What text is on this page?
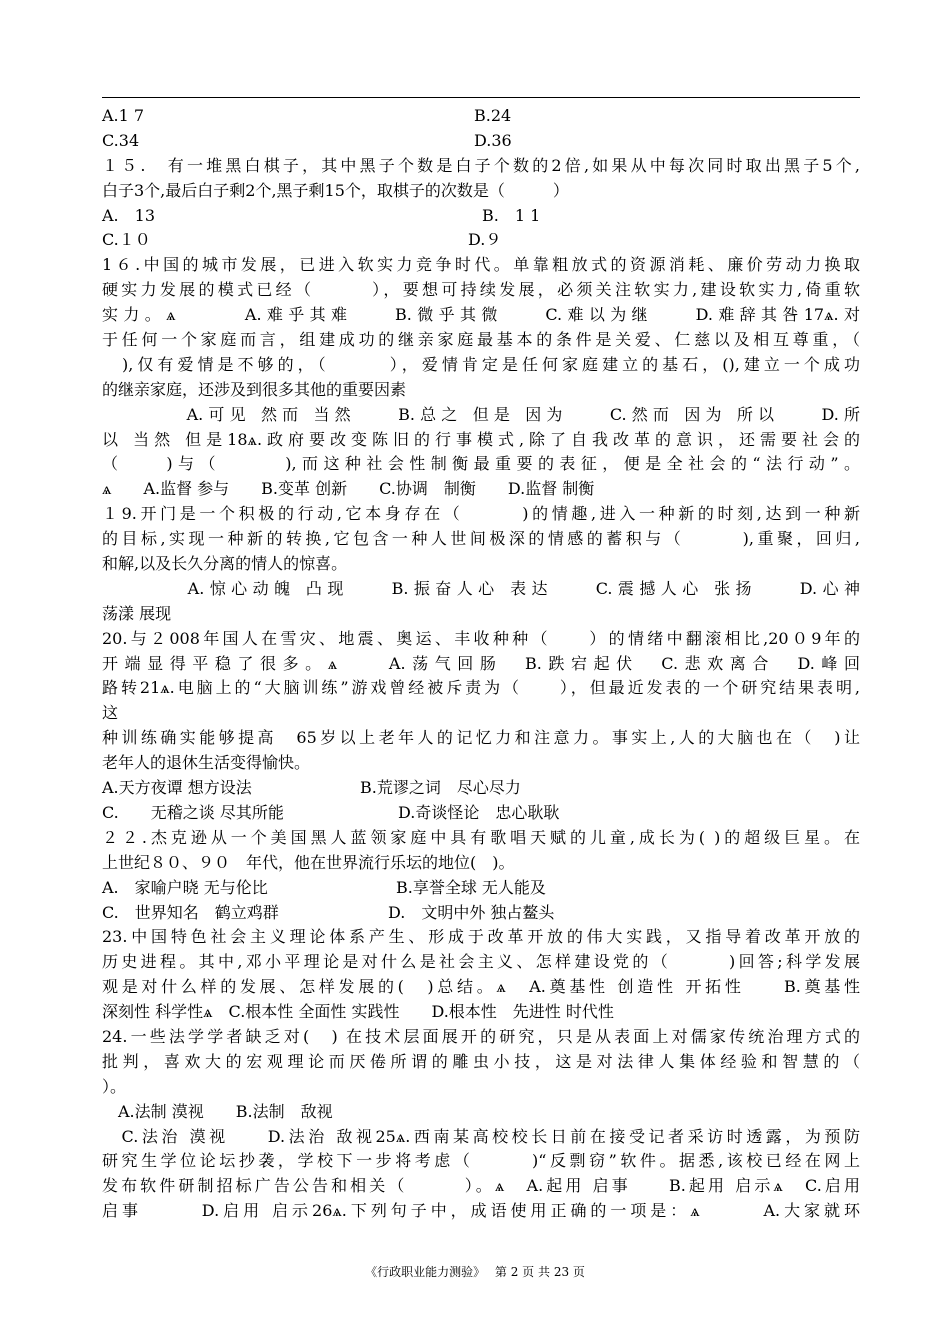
A.1 7	B.24
C.34	D.36
１５.　有一堆黑白棋子，其中黑子个数是白子个数的2倍,如果从中每次同时取出黑子5个,
白子3个,最后白子剩2个,黑子剩15个，取棋子的次数是（　　　）
A.　13	B.　1 1
C.１０	D.９
1６.中国的城市发展，已进入软实力竞争时代。单靠粗放式的资源消耗、廉价劳动力换取
硬实力发展的模式已经（　　　），要想可持续发展，必须关注软实力,建设软实力,倚重软
实力。ѧ　　　A.难乎其难　　B.微乎其微　　C.难以为继　　D.难辞其咎17ѧ.对
于任何一个家庭而言，组建成功的继亲家庭最基本的条件是关爱、仁慈以及相互尊重，（
　),仅有爱情是不够的，（　　　），爱情肯定是任何家庭建立的基石，(),建立一个成功
的继亲家庭，还涉及到很多其他的重要因素
　　　　A.可见 然而 当然　　B.总之 但是 因为　　C.然而 因为 所以　　D.所
以 当然 但是18ѧ.政府要改变陈旧的行事模式,除了自我改革的意识，还需要社会的
（　　)与（　　　),而这种社会性制衡最重要的表征，便是全社会的“法行动”。
ѧ　　A.监督 参与　　B.变革 创新　　C.协调　制衡　　D.监督 制衡
１9.开门是一个积极的行动,它本身存在（　　　)的情趣,进入一种新的时刻,达到一种新
的目标,实现一种新的转换,它包含一种人世间极深的情感的蓄积与（　　　),重聚，回归,
和解,以及长久分离的情人的惊喜。
　　　　A.惊心动魄 凸现　　B.振奋人心 表达　　C.震撼人心 张扬　　D.心神
荡漾 展现
20.与２008年国人在雪灾、地震、奥运、丰收种种（　　）的情绪中翻滚相比,20０9年的
开端显得平稳了很多。ѧ　　A.荡气回肠　B.跌宕起伏　C.悲欢离合　D.峰回
路转21ѧ.电脑上的“大脑训练”游戏曾经被斥责为（　　），但最近发表的一个研究结果表明,
这
种训练确实能够提高　65岁以上老年人的记忆力和注意力。事实上,人的大脑也在（　)让
老年人的退休生活变得愉快。
A.天方夜谭 想方设法	B.荒谬之词　尽心尽力
C.　　无稽之谈 尽其所能	D.奇谈怪论　忠心耿耿
２２.杰克逊从一个美国黑人蓝领家庭中具有歌唱天赋的儿童,成长为( )的超级巨星。在
上世纪８０、９０　年代，他在世界流行乐坛的地位(　)。
A.　家喻户晓 无与伦比	B.享誉全球 无人能及
C.　世界知名　鹤立鸡群	D.　文明中外 独占鳌头
23.中国特色社会主义理论体系产生、形成于改革开放的伟大实践，又指导着改革开放的
历史进程。其中,邓小平理论是对什么是社会主义、怎样建设党的（　　　)回答;科学发展
观是对什么样的发展、怎样发展的(　)总结。ѧ　A.奠基性 创造性 开拓性　　B.奠基性
深刻性 科学性ѧ　C.根本性 全面性 实践性　　D.根本性　先进性 时代性
24.一些法学学者缺乏对(　) 在技术层面展开的研究，只是从表面上对儒家传统治理方式的
批判，喜欢大的宏观理论而厌倦所谓的雕虫小技，这是对法律人集体经验和智慧的（
）。
　A.法制 漠视　　B.法制　敌视
　C.法治 漠视　　D.法治 敌视25ѧ.西南某高校校长日前在接受记者采访时透露，为预防
研究生学位论坛抄袭，学校下一步将考虑（　　　)“反剽窃”软件。据悉,该校已经在网上
发布软件研制招标广告公告和相关（　　　）。ѧ　A.起用 启事　　B.起用 启示ѧ　C.启用
启事　　　D.启用 启示26ѧ.下列句子中，成语使用正确的一项是：ѧ　　　A.大家就环
《行政职业能力测验》 第 2 页 共 23 页
